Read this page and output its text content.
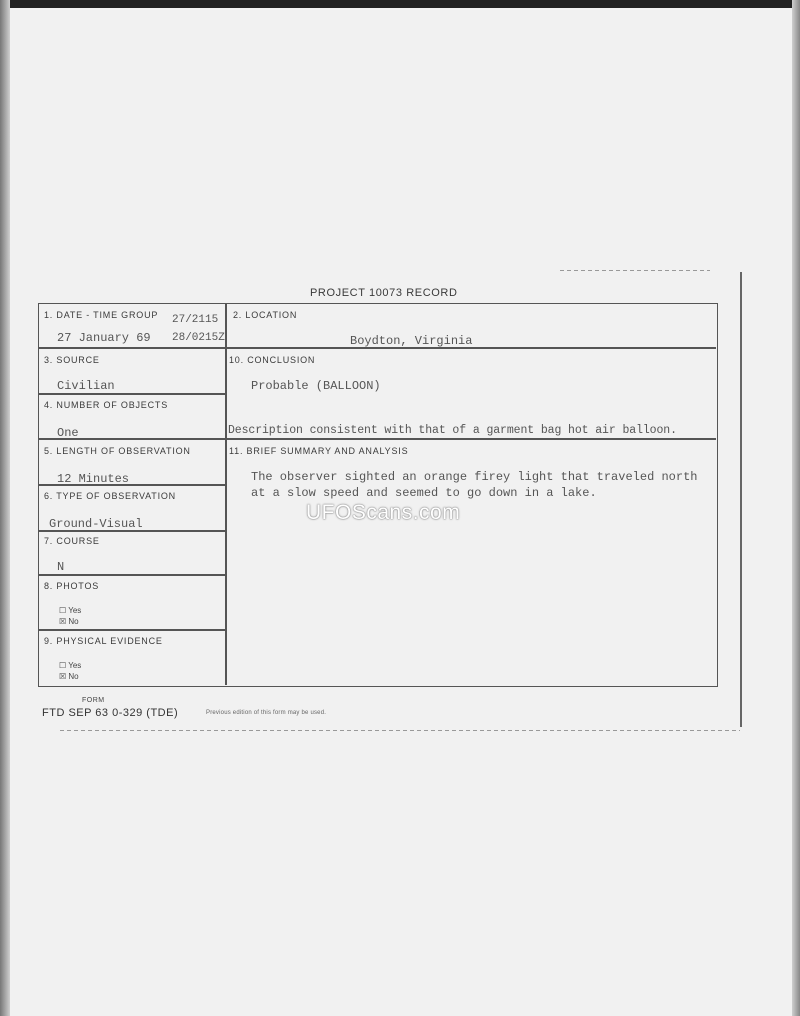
PROJECT 10073 RECORD
1. DATE - TIME GROUP 27/2115
27 January 69 28/0215Z
2. LOCATION
Boydton, Virginia
3. SOURCE
Civilian
10. CONCLUSION
Probable (BALLOON)
4. NUMBER OF OBJECTS
One	Description consistent with that of a garment bag hot air balloon.
5. LENGTH OF OBSERVATION
12 Minutes
11. BRIEF SUMMARY AND ANALYSIS
The observer sighted an orange firey light that traveled north
at a slow speed and seemed to go down in a lake.
6. TYPE OF OBSERVATION
Ground-Visual
7. COURSE
N
8. PHOTOS
☐ Yes
☒ No
9. PHYSICAL EVIDENCE
☐ Yes
☒ No
FORM
FTD SEP 63 0-329 (TDE)	Previous edition of this form may be used.
UFOScans.com
